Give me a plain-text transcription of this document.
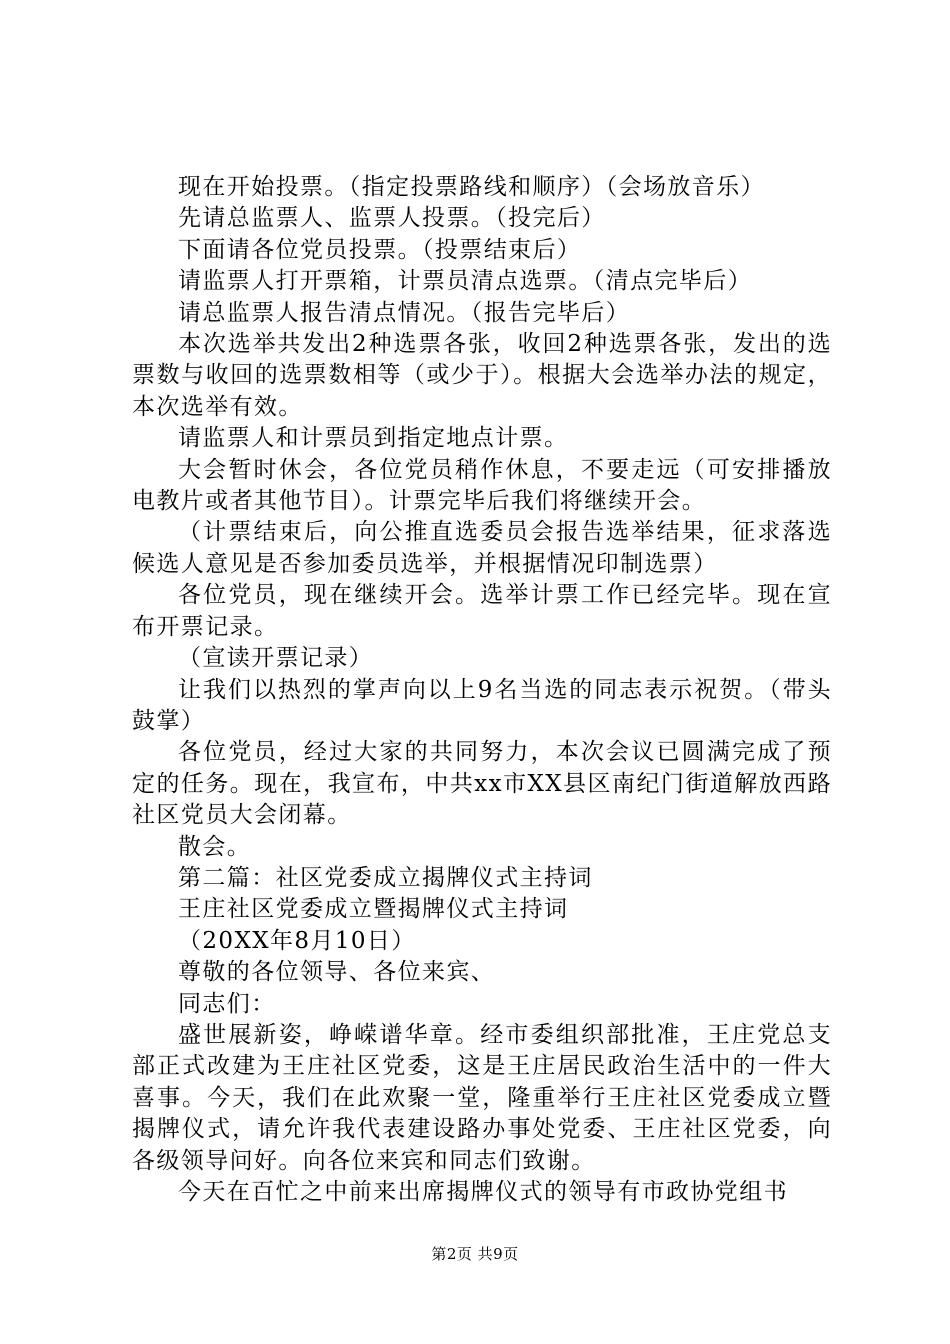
现在开始投票。（指定投票路线和顺序）（会场放音乐）

先请总监票人、监票人投票。（投完后）

下面请各位党员投票。（投票结束后）

请监票人打开票箱，计票员清点选票。（清点完毕后）

请总监票人报告清点情况。（报告完毕后）

本次选举共发出2种选票各张，收回2种选票各张，发出的选票数与收回的选票数相等（或少于）。根据大会选举办法的规定，本次选举有效。

请监票人和计票员到指定地点计票。

大会暂时休会，各位党员稍作休息，不要走远（可安排播放电教片或者其他节目）。计票完毕后我们将继续开会。

（计票结束后，向公推直选委员会报告选举结果，征求落选候选人意见是否参加委员选举，并根据情况印制选票）

各位党员，现在继续开会。选举计票工作已经完毕。现在宣布开票记录。

（宣读开票记录）

让我们以热烈的掌声向以上9名当选的同志表示祝贺。（带头鼓掌）

各位党员，经过大家的共同努力，本次会议已圆满完成了预定的任务。现在，我宣布，中共xx市XX县区南纪门街道解放西路社区党员大会闭幕。

散会。

第二篇：社区党委成立揭牌仪式主持词

王庄社区党委成立暨揭牌仪式主持词

（20XX年8月10日）

尊敬的各位领导、各位来宾、

同志们：

盛世展新姿，峥嵘谱华章。经市委组织部批准，王庄党总支部正式改建为王庄社区党委，这是王庄居民政治生活中的一件大喜事。今天，我们在此欢聚一堂，隆重举行王庄社区党委成立暨揭牌仪式，请允许我代表建设路办事处党委、王庄社区党委，向各级领导问好。向各位来宾和同志们致谢。

今天在百忙之中前来出席揭牌仪式的领导有市政协党组书

第2页 共9页
